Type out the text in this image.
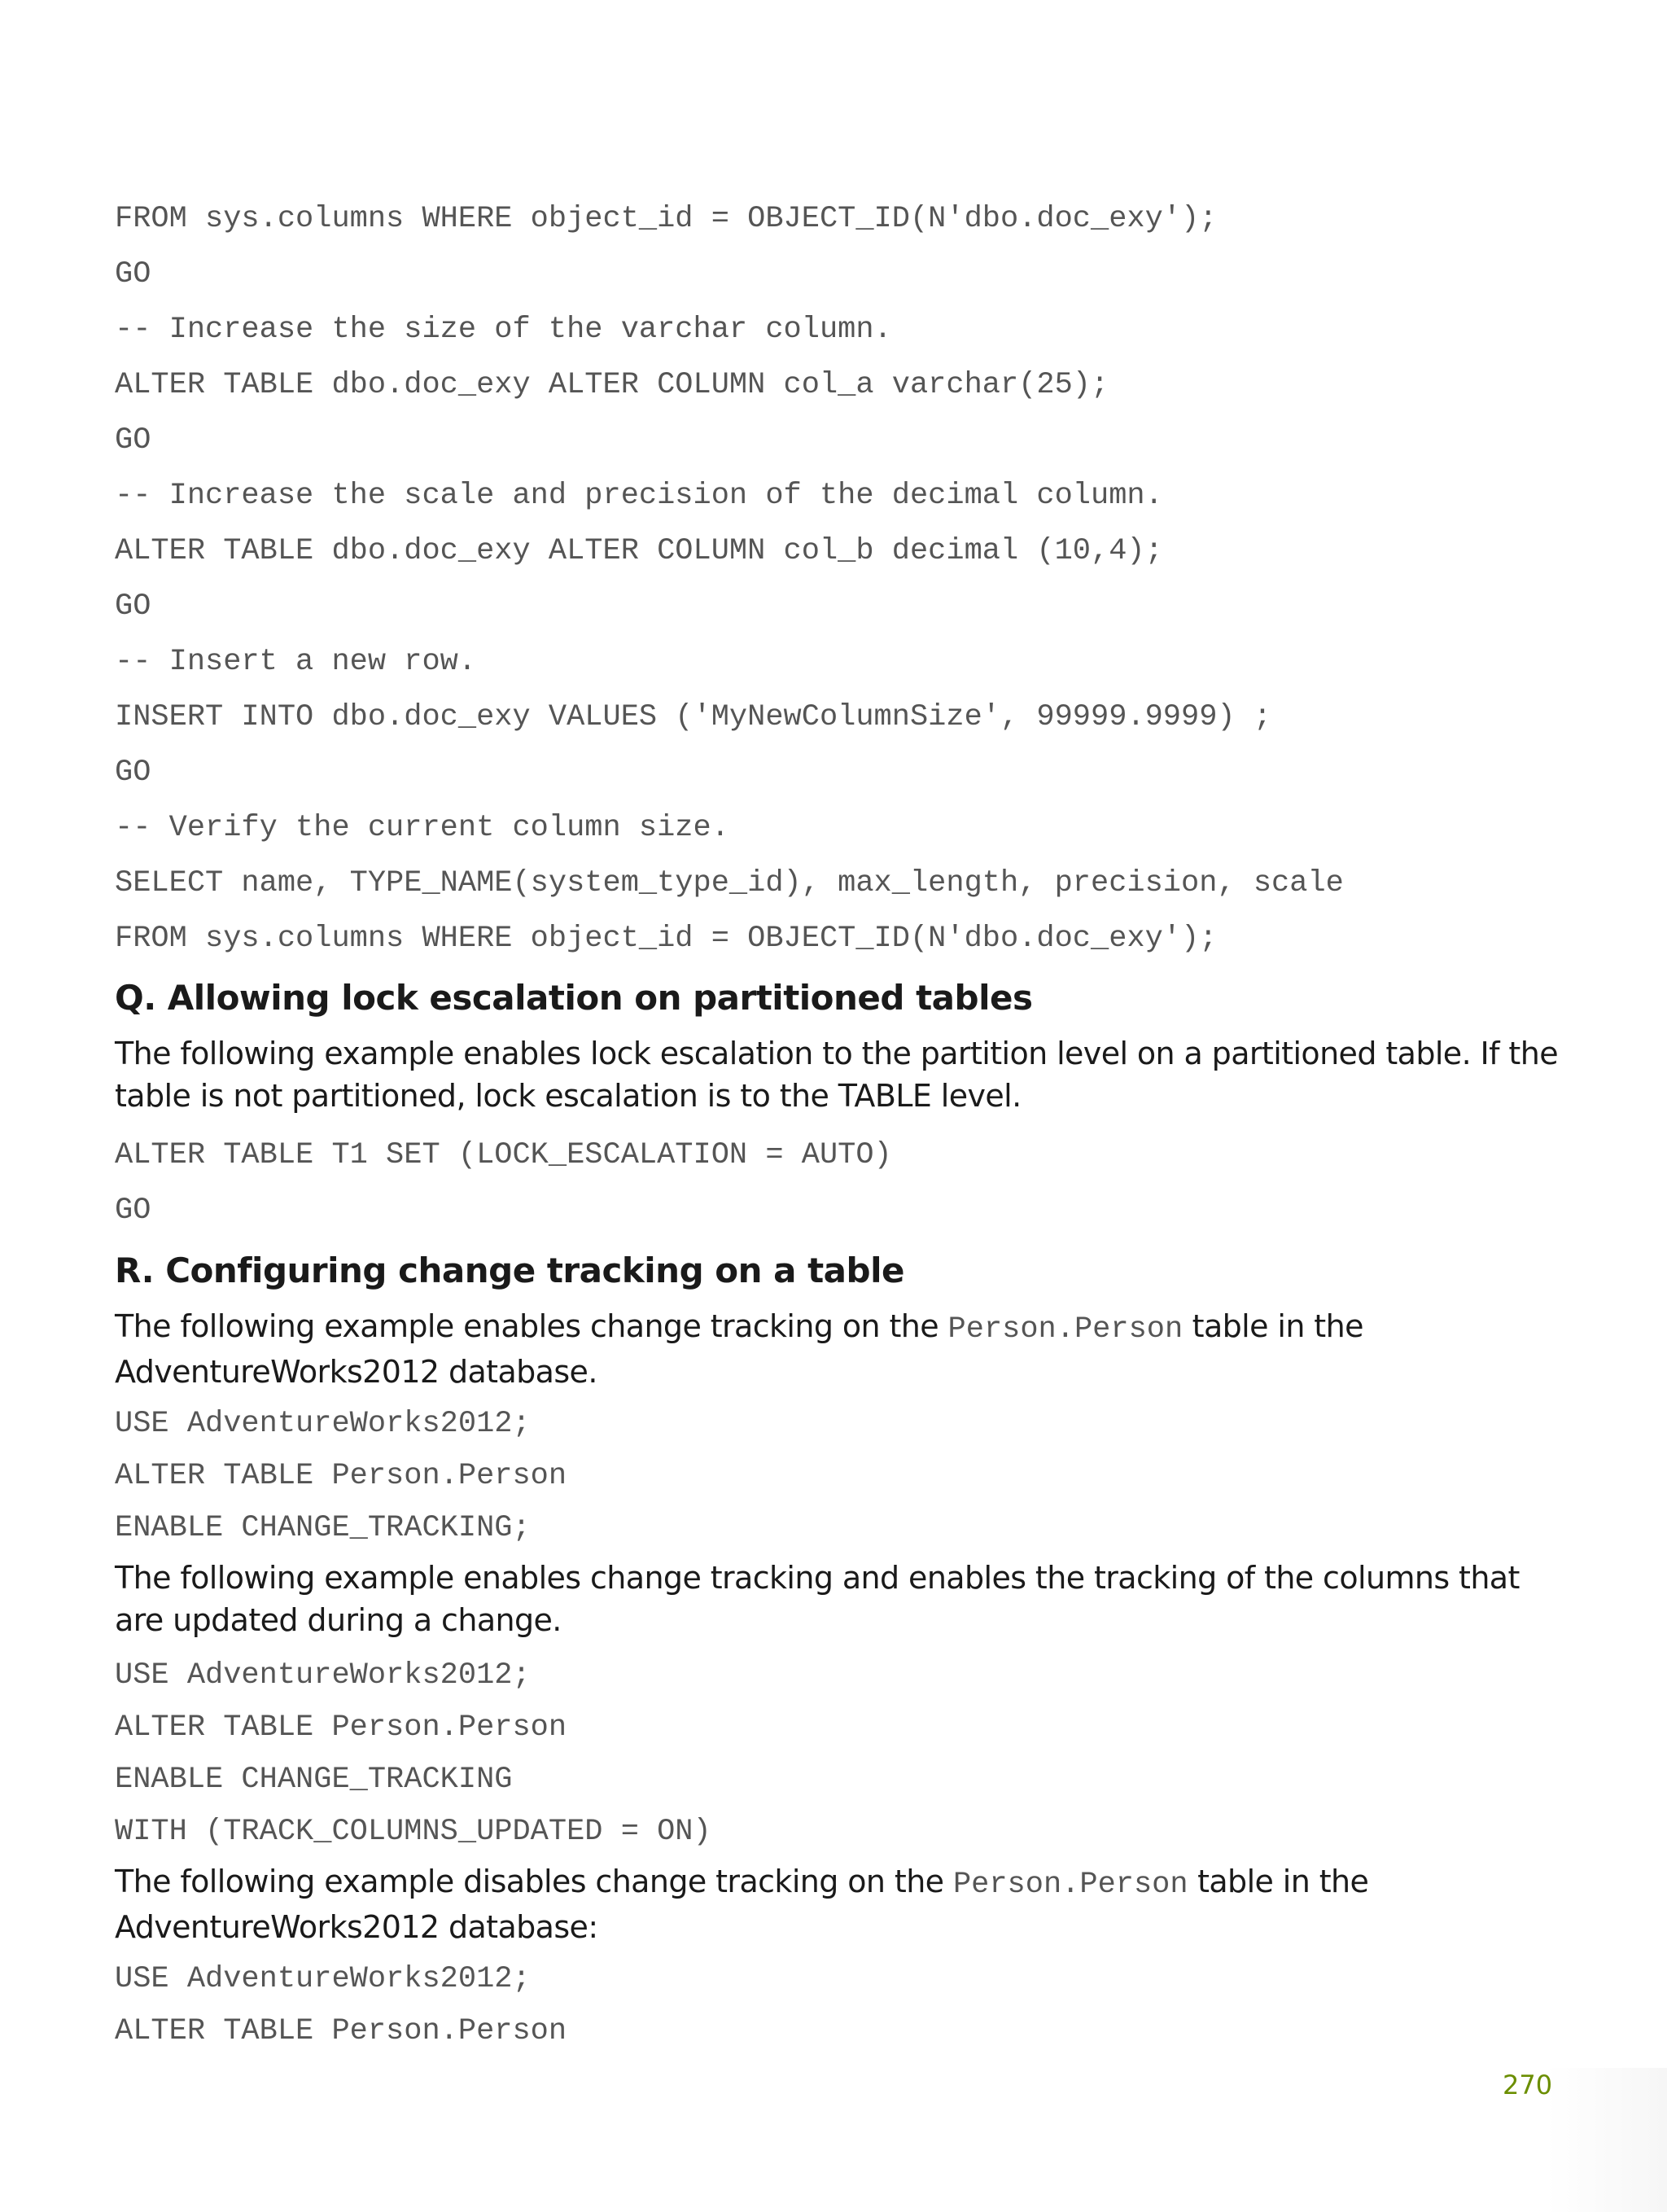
FROM sys.columns WHERE object_id = OBJECT_ID(N'dbo.doc_exy');
GO
-- Increase the size of the varchar column.
ALTER TABLE dbo.doc_exy ALTER COLUMN col_a varchar(25);
GO
-- Increase the scale and precision of the decimal column.
ALTER TABLE dbo.doc_exy ALTER COLUMN col_b decimal (10,4);
GO
-- Insert a new row.
INSERT INTO dbo.doc_exy VALUES ('MyNewColumnSize', 99999.9999) ;
GO
-- Verify the current column size.
SELECT name, TYPE_NAME(system_type_id), max_length, precision, scale
FROM sys.columns WHERE object_id = OBJECT_ID(N'dbo.doc_exy');
Q. Allowing lock escalation on partitioned tables

The following example enables lock escalation to the partition level on a partitioned table. If the table is not partitioned, lock escalation is to the TABLE level.

ALTER TABLE T1 SET (LOCK_ESCALATION = AUTO)
GO
R. Configuring change tracking on a table

The following example enables change tracking on the Person.Person table in the AdventureWorks2012 database.

USE AdventureWorks2012;
ALTER TABLE Person.Person
ENABLE CHANGE_TRACKING;

The following example enables change tracking and enables the tracking of the columns that are updated during a change.

USE AdventureWorks2012;
ALTER TABLE Person.Person
ENABLE CHANGE_TRACKING
WITH (TRACK_COLUMNS_UPDATED = ON)

The following example disables change tracking on the Person.Person table in the AdventureWorks2012 database:

USE AdventureWorks2012;
ALTER TABLE Person.Person
270
